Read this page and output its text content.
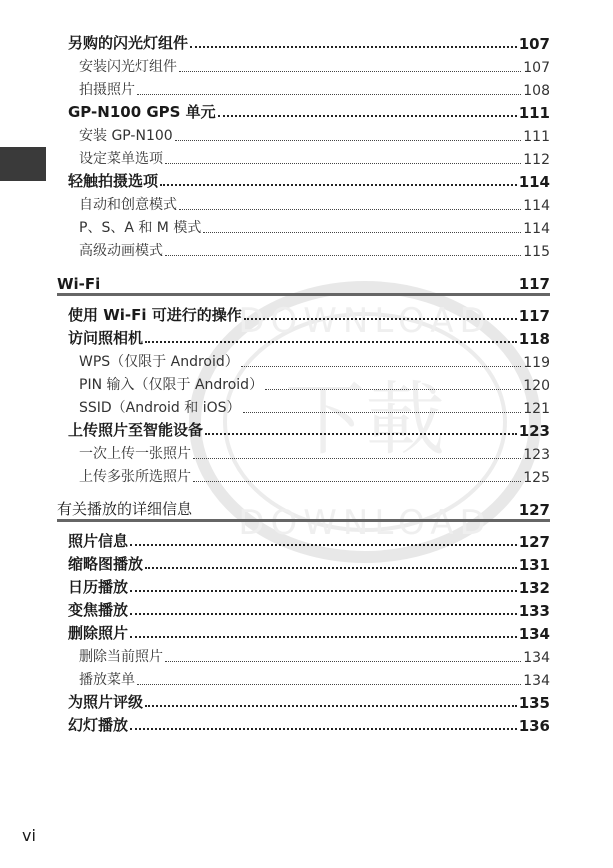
下載
DOWNLOAD
DOWNLOAD
另购的闪光灯组件	107
安装闪光灯组件	107
拍摄照片	108
GP-N100 GPS 单元	111
安装 GP-N100	111
设定菜单选项	112
轻触拍摄选项	114
自动和创意模式	114
P、S、A 和 M 模式	114
高级动画模式	115
Wi-Fi	117
使用 Wi-Fi 可进行的操作	117
访问照相机	118
WPS（仅限于 Android）	119
PIN 输入（仅限于 Android）	120
SSID（Android 和 iOS）	121
上传照片至智能设备	123
一次上传一张照片	123
上传多张所选照片	125
有关播放的详细信息	127
照片信息	127
缩略图播放	131
日历播放	132
变焦播放	133
删除照片	134
删除当前照片	134
播放菜单	134
为照片评级	135
幻灯播放	136
vi
